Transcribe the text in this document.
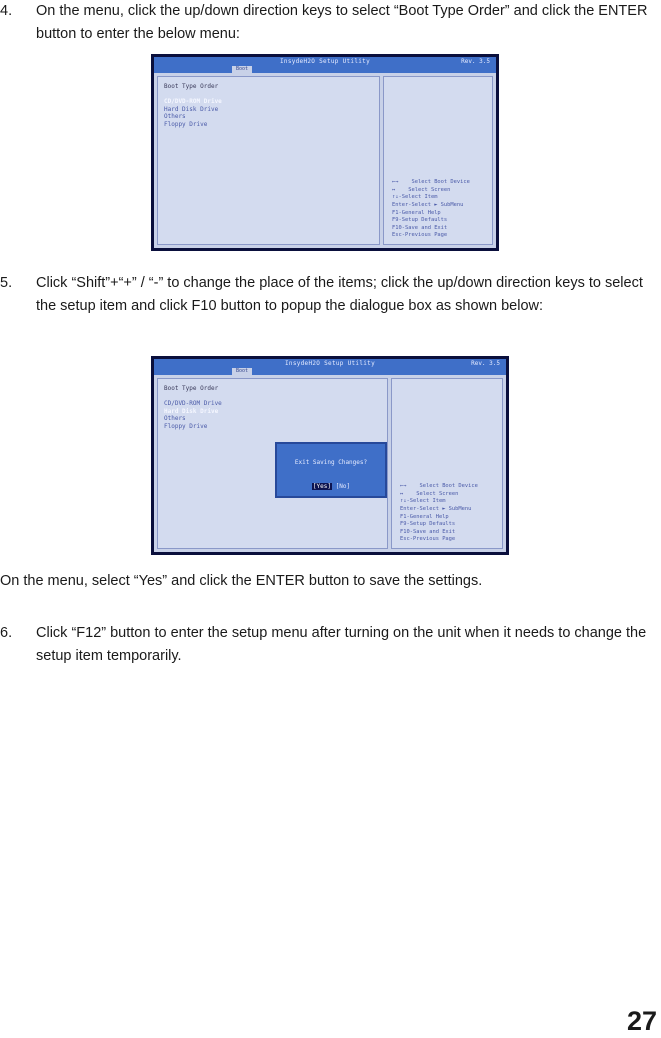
4. On the menu, click the up/down direction keys to select “Boot Type Order” and click the ENTER button to enter the below menu:
InsydeH2O Setup Utility	Rev. 3.5
Boot
Boot Type Order
CD/DVD-ROM Drive
Hard Disk Drive
Others
Floppy Drive
←→    Select Boot Device
↔    Select Screen
↑↓-Select Item
Enter-Select ► SubMenu
F1-General Help
F9-Setup Defaults
F10-Save and Exit
Esc-Previous Page
5. Click “Shift”+“+” / “-” to change the place of the items; click the up/down direction keys to select the setup item and click F10 button to popup the dialogue box as shown below:
InsydeH2O Setup Utility	Rev. 3.5
Boot
Boot Type Order
CD/DVD-ROM Drive
Hard Disk Drive
Others
Floppy Drive
←→    Select Boot Device
↔    Select Screen
↑↓-Select Item
Enter-Select ► SubMenu
F1-General Help
F9-Setup Defaults
F10-Save and Exit
Esc-Previous Page
Exit Saving Changes?
[Yes] [No]
On the menu, select “Yes” and click the ENTER button to save the settings.
6. Click “F12” button to enter the setup menu after turning on the unit when it needs to change the setup item temporarily.
27
